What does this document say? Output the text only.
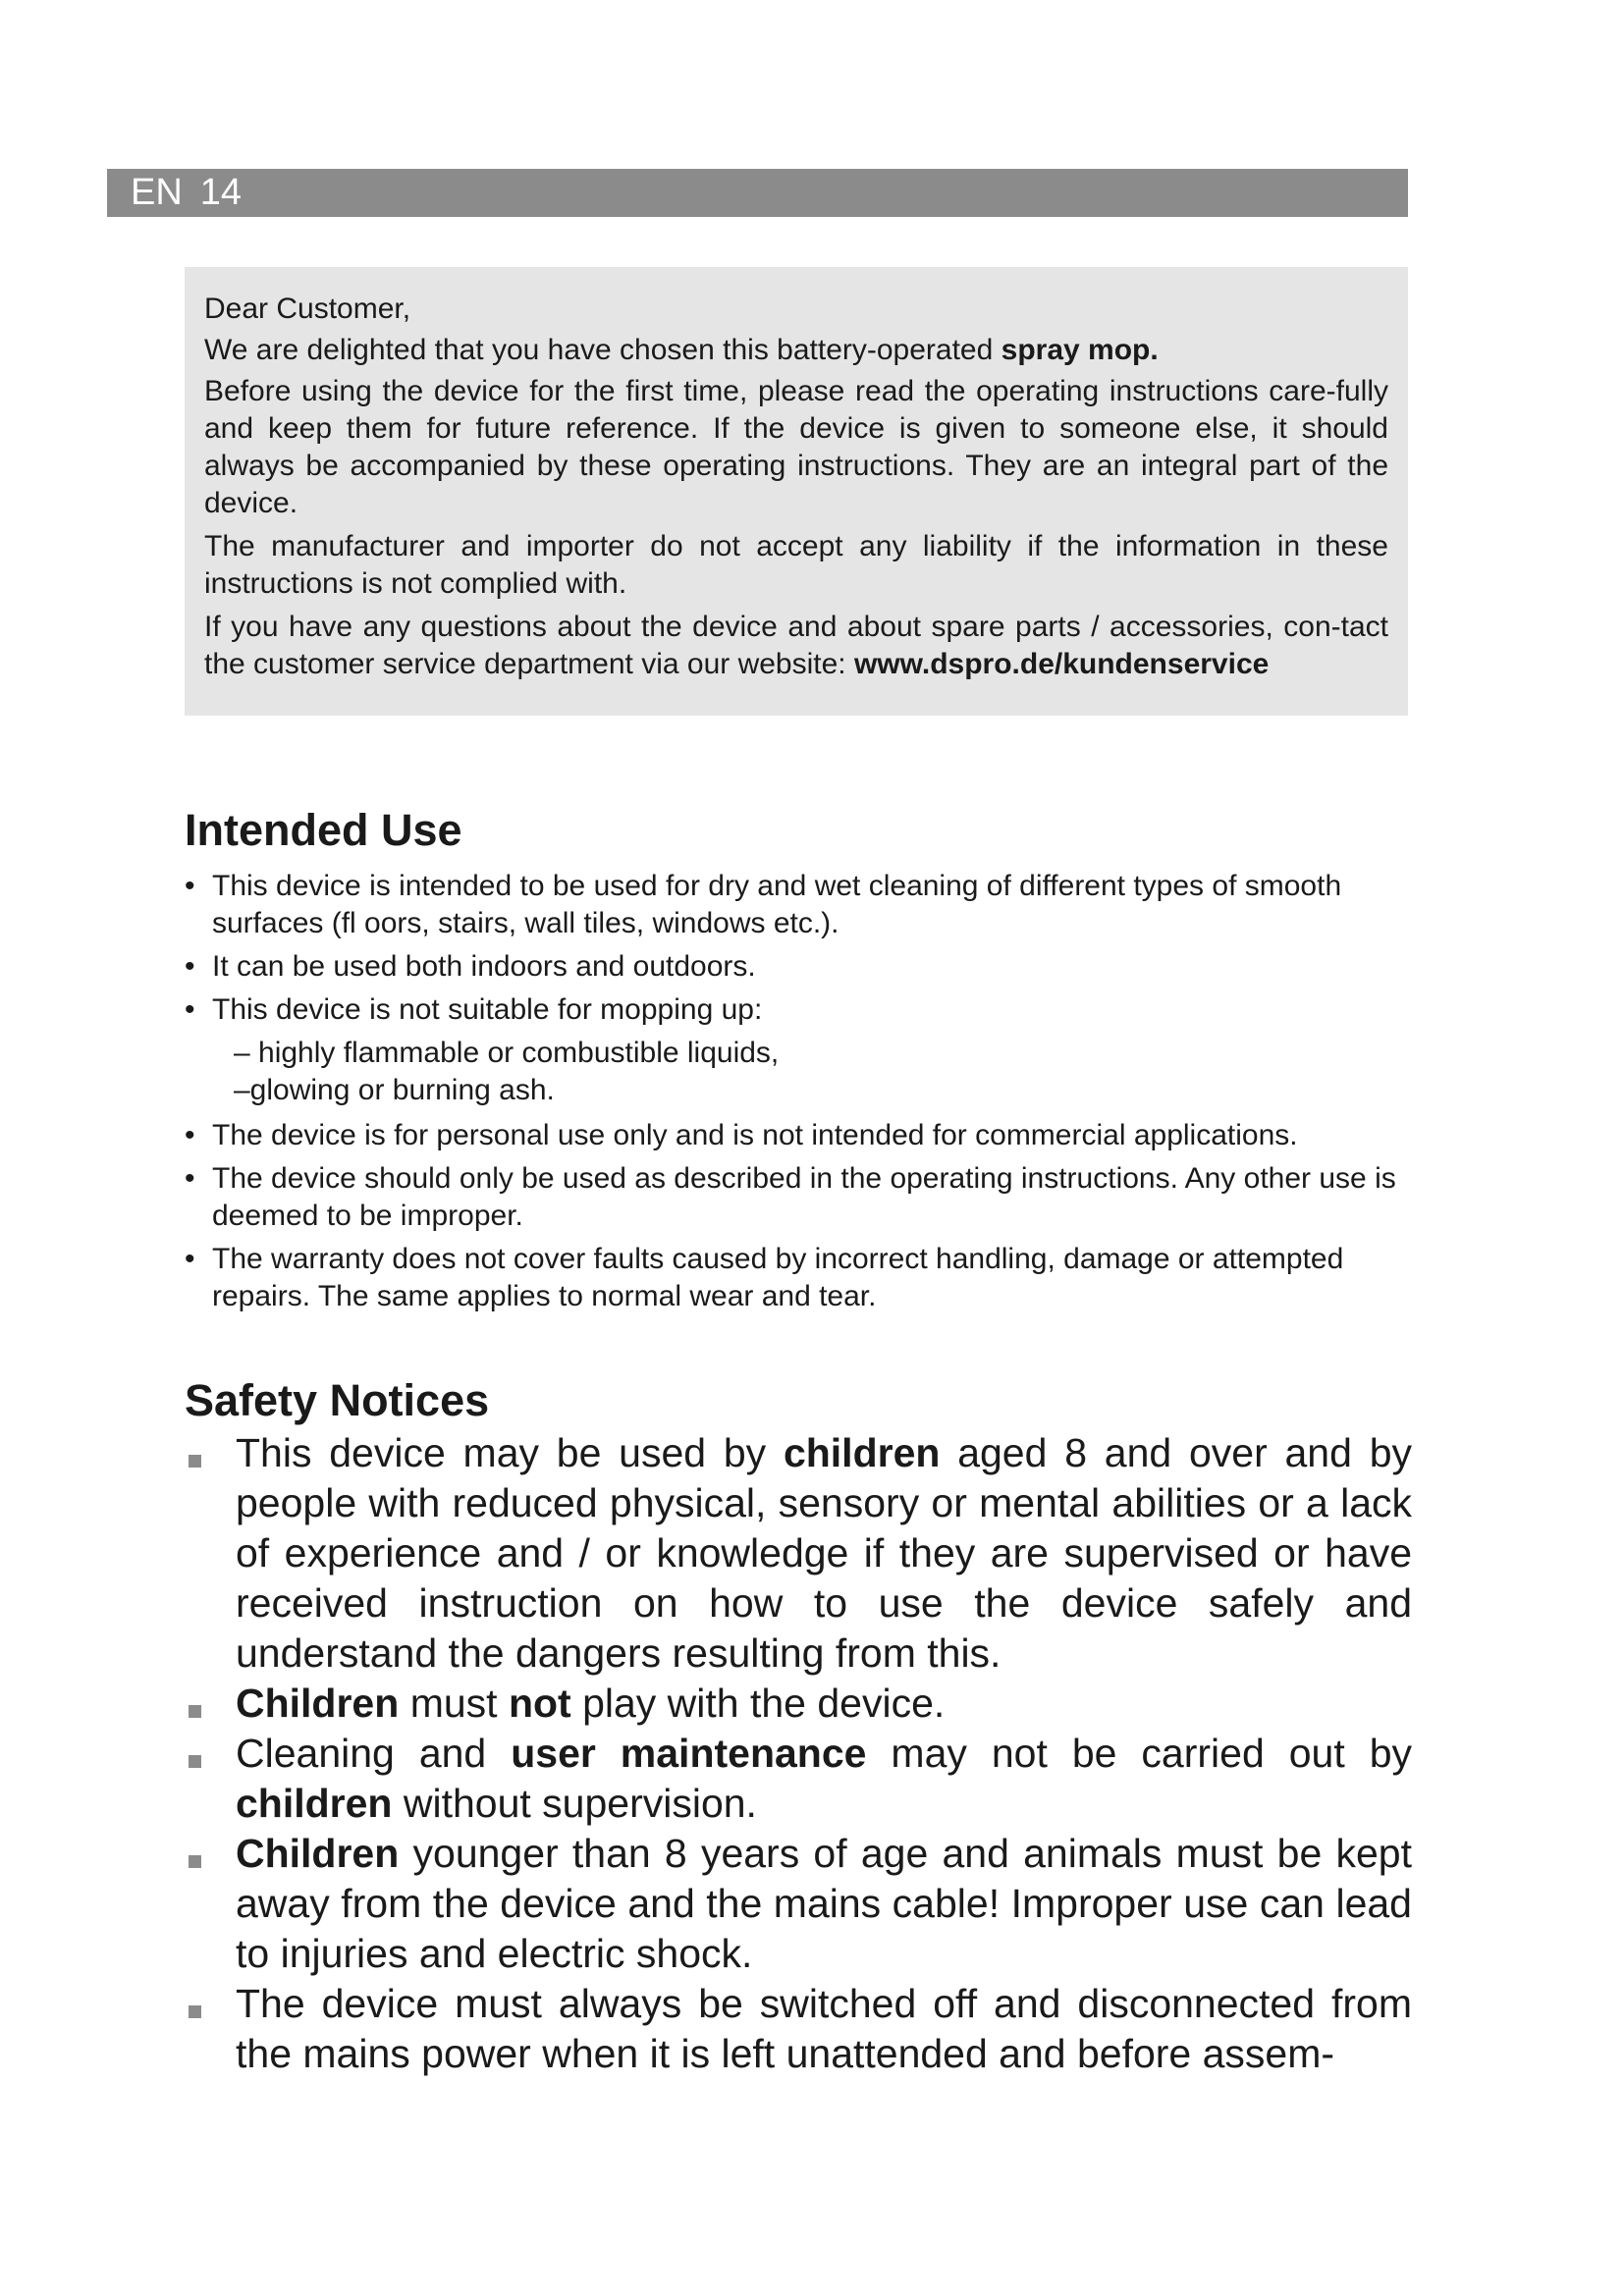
EN 14

Dear Customer,

We are delighted that you have chosen this battery-operated spray mop.

Before using the device for the first time, please read the operating instructions care-fully and keep them for future reference. If the device is given to someone else, it should always be accompanied by these operating instructions. They are an integral part of the device.

The manufacturer and importer do not accept any liability if the information in these instructions is not complied with.

If you have any questions about the device and about spare parts / accessories, con-tact the customer service department via our website: www.dspro.de/kundenservice

Intended Use
• This device is intended to be used for dry and wet cleaning of different types of smooth surfaces (fl oors, stairs, wall tiles, windows etc.).
• It can be used both indoors and outdoors.
• This device is not suitable for mopping up:
– highly flammable or combustible liquids,
–glowing or burning ash.
• The device is for personal use only and is not intended for commercial applications.
• The device should only be used as described in the operating instructions. Any other use is deemed to be improper.
• The warranty does not cover faults caused by incorrect handling, damage or attempted repairs. The same applies to normal wear and tear.
Safety Notices
This device may be used by children aged 8 and over and by people with reduced physical, sensory or mental abilities or a lack of experience and / or knowledge if they are supervised or have received instruction on how to use the device safely and understand the dangers resulting from this.
Children must not play with the device.
Cleaning and user maintenance may not be carried out by children without supervision.
Children younger than 8 years of age and animals must be kept away from the device and the mains cable! Improper use can lead to injuries and electric shock.
The device must always be switched off and disconnected from the mains power when it is left unattended and before assem-
